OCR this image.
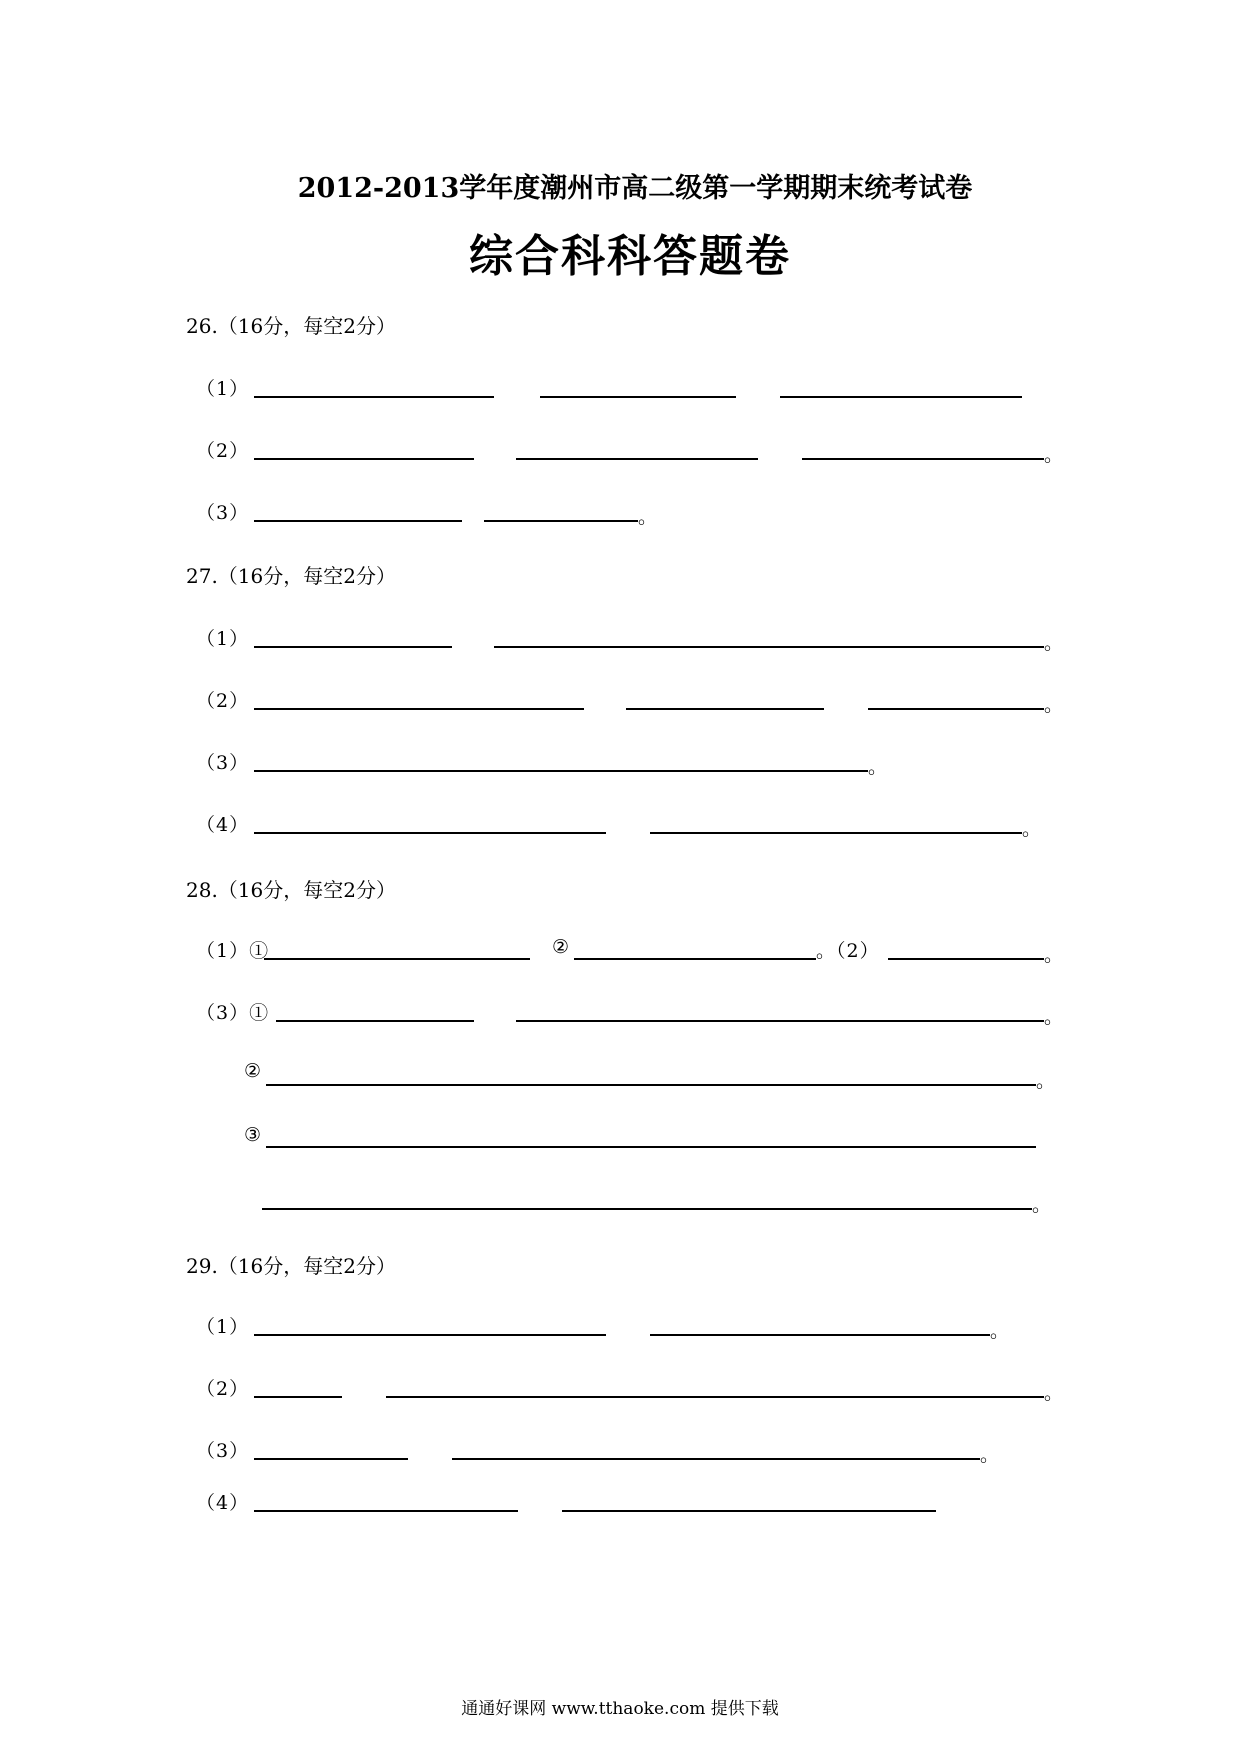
2012-2013学年度潮州市高二级第一学期期末统考试卷
综合科科答题卷
26.（16分，每空2分）
（1）
（2）	。
（3）	。
27.（16分，每空2分）
（1）	。
（2）	。
（3）	。
（4）	。
28.（16分，每空2分）
（1）①	②	。（2）	。
（3）①	。
②	。
③
。
29.（16分，每空2分）
（1）	。
（2）	。
（3）	。
（4）
通通好课网 www.tthaoke.com 提供下载
